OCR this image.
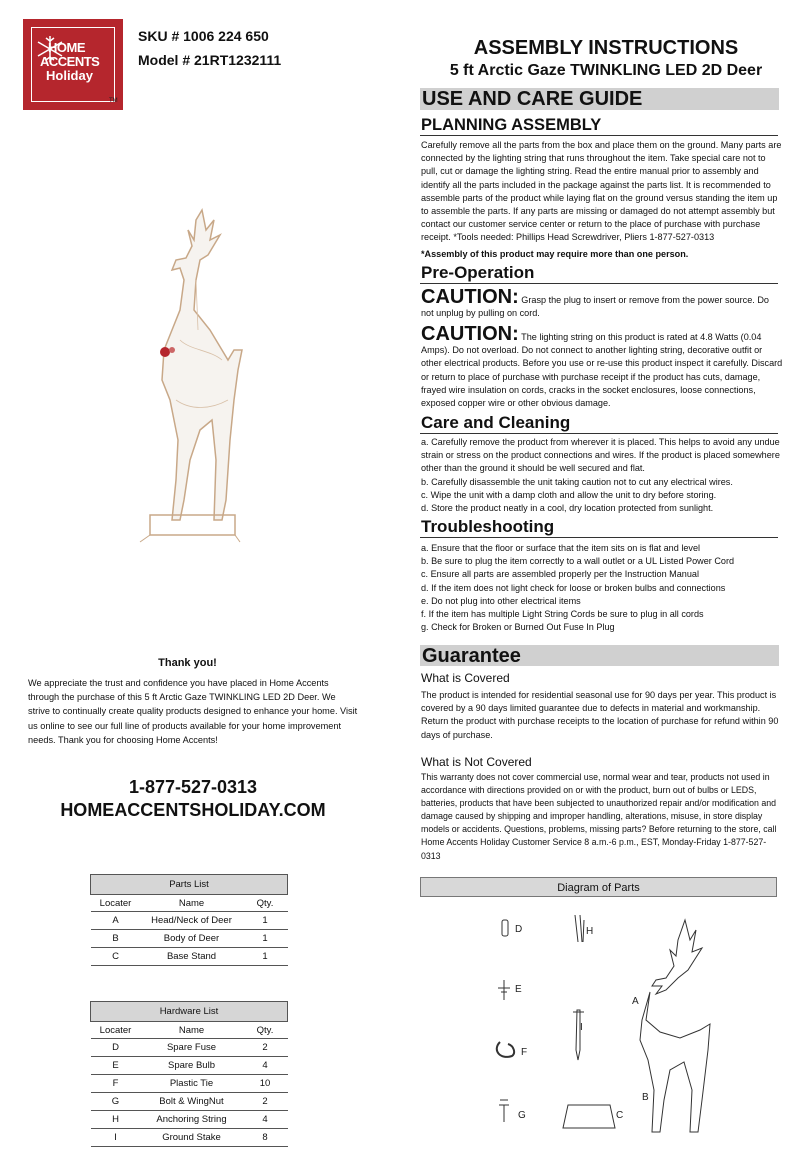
HOME
ACCENTS
Holiday
TM
SKU # 1006 224 650
Model # 21RT1232111
ASSEMBLY INSTRUCTIONS
5 ft Arctic Gaze TWINKLING LED 2D Deer
USE AND CARE GUIDE
PLANNING ASSEMBLY
Carefully remove all the parts from the box and place them on the ground. Many parts are connected by the lighting string that runs throughout the item. Take special care not to pull, cut or damage the lighting string. Read the entire manual prior to assembly and identify all the parts included in the package against the parts list. It is recommended to assemble parts of the product while laying flat on the ground versus standing the item up to assemble the parts. If any parts are missing or damaged do not attempt assembly but contact our customer service center or return to the place of purchase with purchase receipt. *Tools needed: Phillips Head Screwdriver, Pliers 1-877-527-0313
*Assembly of this product may require more than one person.
Pre-Operation
CAUTION: Grasp the plug to insert or remove from the power source. Do not unplug by pulling on cord.
CAUTION: The lighting string on this product is rated at 4.8 Watts (0.04 Amps). Do not overload. Do not connect to another lighting string, decorative outfit or other electrical products. Before you use or re-use this product inspect it carefully. Discard or return to place of purchase with purchase receipt if the product has cuts, damage, frayed wire insulation on cords, cracks in the socket enclosures, loose connections, exposed copper wire or other obvious damage.
Care and Cleaning
a. Carefully remove the product from wherever it is placed. This helps to avoid any undue strain or stress on the product connections and wires. If the product is placed somewhere other than the ground it should be well secured and flat.
b. Carefully disassemble the unit taking caution not to cut any electrical wires.
c. Wipe the unit with a damp cloth and allow the unit to dry before storing.
d. Store the product neatly in a cool, dry location protected from sunlight.
Troubleshooting
a. Ensure that the floor or surface that the item sits on is flat and level
b. Be sure to plug the item correctly to a wall outlet or a UL Listed Power Cord
c. Ensure all parts are assembled properly per the Instruction Manual
d. If the item does not light check for loose or broken bulbs and connections
e. Do not plug into other electrical items
f. If the item has multiple Light String Cords be sure to plug in all cords
g. Check for Broken or Burned Out Fuse In Plug
Guarantee
What is Covered
The product is intended for residential seasonal use for 90 days per year. This product is covered by a 90 days limited guarantee due to defects in material and workmanship. Return the product with purchase receipts to the location of purchase for refund within 90 days of purchase.
What is Not Covered
This warranty does not cover commercial use, normal wear and tear, products not used in accordance with directions provided on or with the product, burn out of bulbs or LEDS, batteries, products that have been subjected to unauthorized repair and/or modification and damage caused by shipping and improper handling, alterations, misuse, in store display models or accidents. Questions, problems, missing parts? Before returning to the store, call Home Accents Holiday Customer Service 8 a.m.-6 p.m., EST, Monday-Friday 1-877-527-0313
Thank you!
We appreciate the trust and confidence you have placed in Home Accents through the purchase of this 5 ft Arctic Gaze TWINKLING LED 2D Deer. We strive to continually create quality products designed to enhance your home. Visit us online to see our full line of products available for your home improvement needs. Thank you for choosing Home Accents!
1-877-527-0313
HOMEACCENTSHOLIDAY.COM
Parts List		
Locater	Name	Qty.
A	Head/Neck of Deer	1
B	Body of Deer	1
C	Base Stand	1
Hardware List		
Locater	Name	Qty.
D	Spare Fuse	2
E	Spare Bulb	4
F	Plastic Tie	10
G	Bolt & WingNut	2
H	Anchoring String	4
I	Ground Stake	8
Diagram of Parts
D	H
E
I
F
G	C
A
B
